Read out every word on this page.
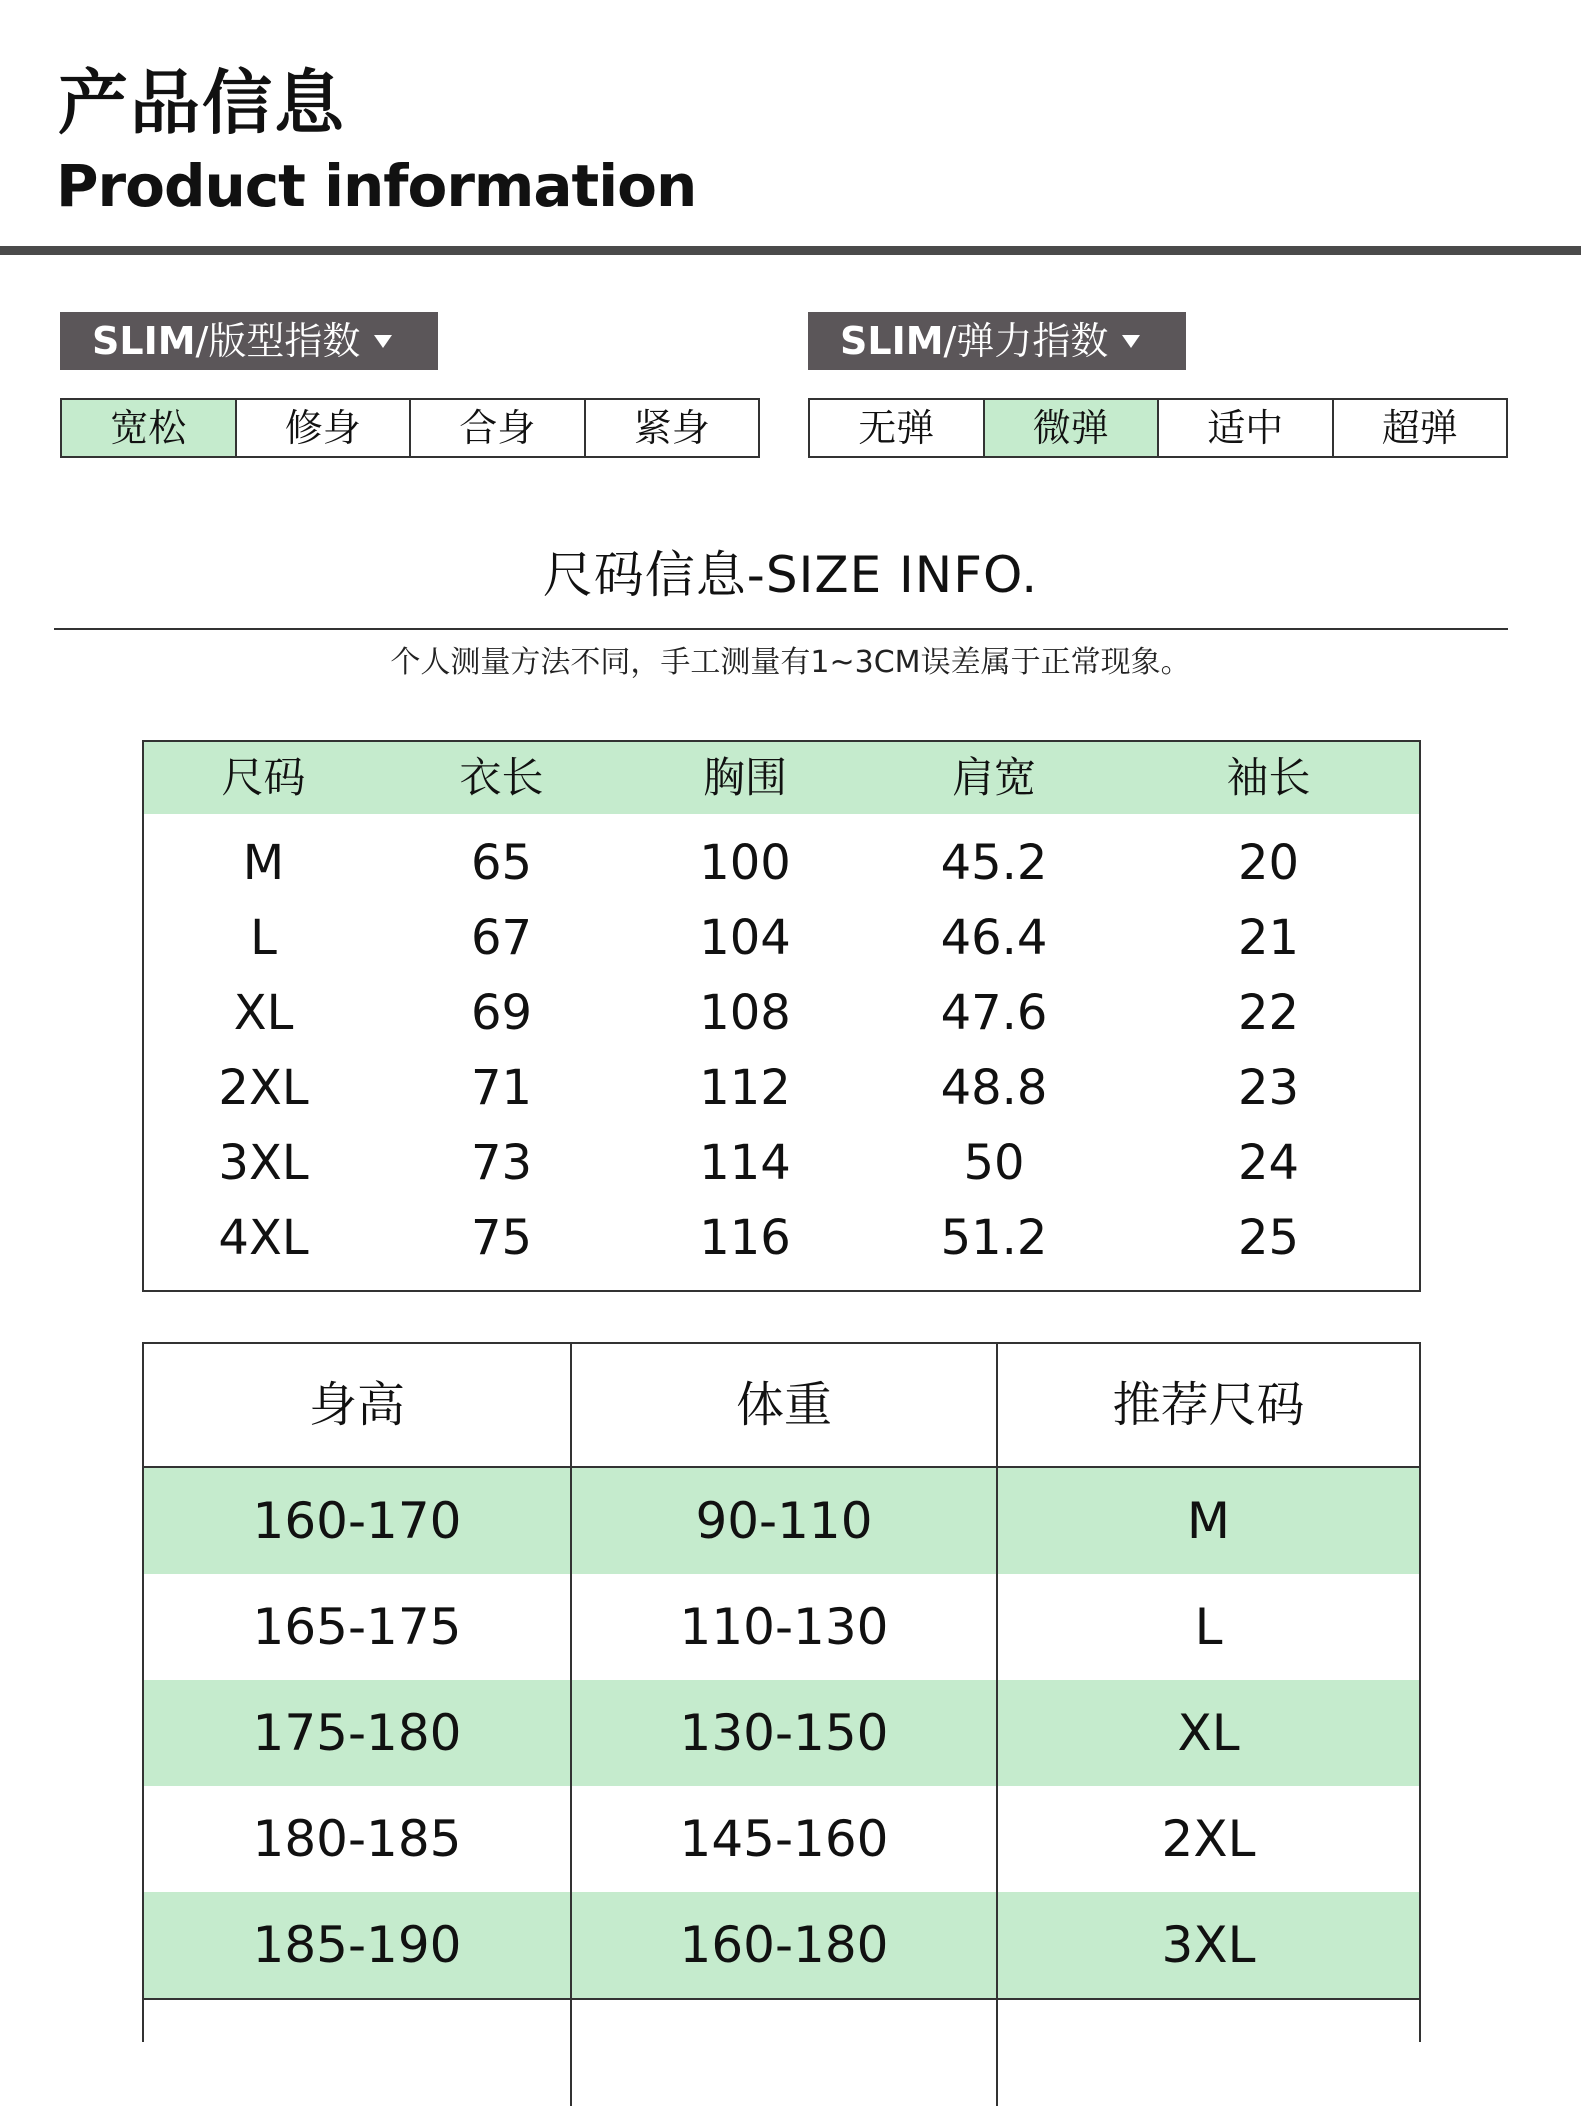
产品信息
Product information
SLIM/版型指数
宽松	修身	合身	紧身
SLIM/弹力指数
无弹	微弹	适中	超弹
尺码信息-SIZE INFO.
个人测量方法不同，手工测量有1~3CM误差属于正常现象。
尺码	衣长	胸围	肩宽	袖长
M	65	100	45.2	20
L	67	104	46.4	21
XL	69	108	47.6	22
2XL	71	112	48.8	23
3XL	73	114	50	24
4XL	75	116	51.2	25
身高	体重	推荐尺码
160-170	90-110	M
165-175	110-130	L
175-180	130-150	XL
180-185	145-160	2XL
185-190	160-180	3XL
